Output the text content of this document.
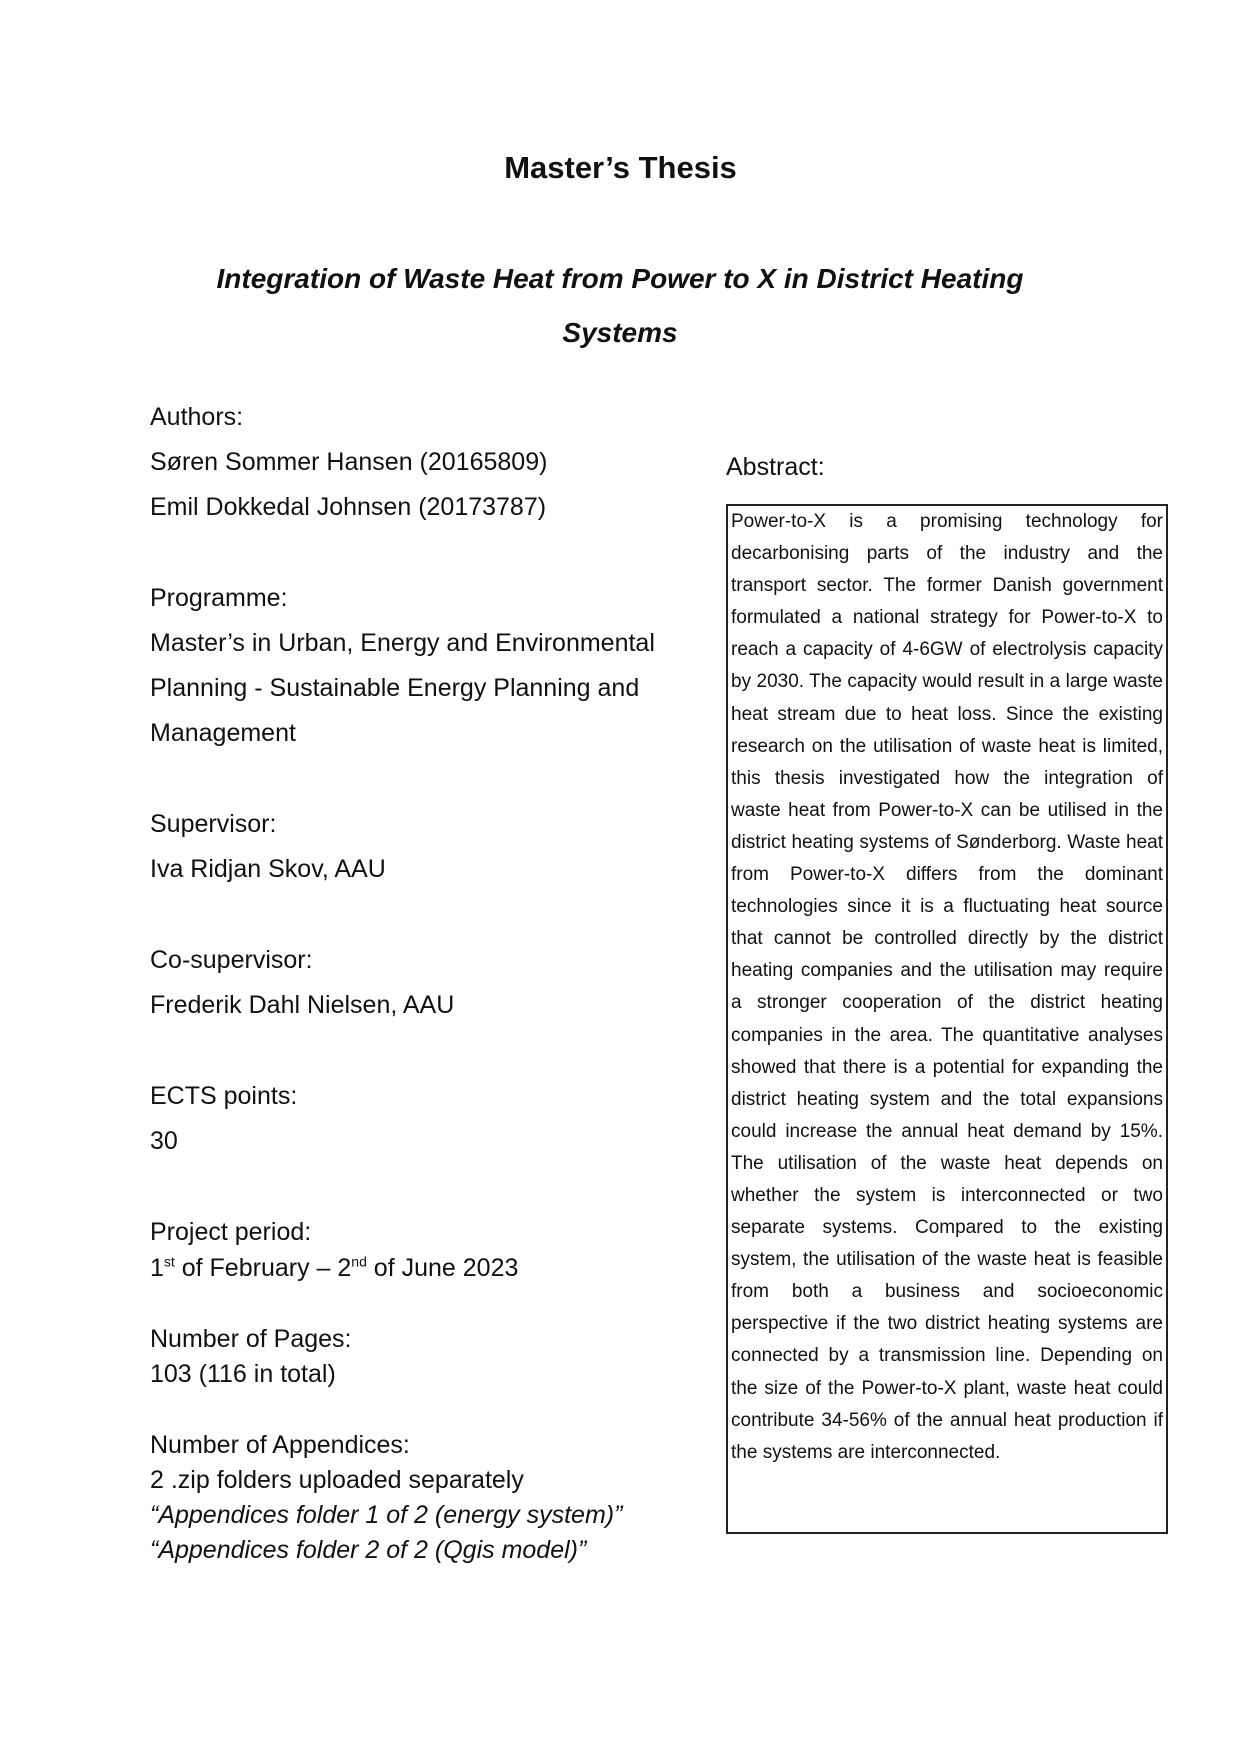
Master’s Thesis
Integration of Waste Heat from Power to X in District Heating
Systems
Authors:
Søren Sommer Hansen (20165809)
Emil Dokkedal Johnsen (20173787)
Programme:
Master’s in Urban, Energy and Environmental
Planning - Sustainable Energy Planning and
Management
Supervisor:
Iva Ridjan Skov, AAU
Co-supervisor:
Frederik Dahl Nielsen, AAU
ECTS points:
30
Project period:
1st of February – 2nd of June 2023
Number of Pages:
103 (116 in total)
Number of Appendices:
2 .zip folders uploaded separately
“Appendices folder 1 of 2 (energy system)”
“Appendices folder 2 of 2 (Qgis model)”
Abstract:

Power-to-X is a promising technology for decarbonising parts of the industry and the transport sector. The former Danish government formulated a national strategy for Power-to-X to reach a capacity of 4-6GW of electrolysis capacity by 2030. The capacity would result in a large waste heat stream due to heat loss. Since the existing research on the utilisation of waste heat is limited, this thesis investigated how the integration of waste heat from Power-to-X can be utilised in the district heating systems of Sønderborg. Waste heat from Power-to-X differs from the dominant technologies since it is a fluctuating heat source that cannot be controlled directly by the district heating companies and the utilisation may require a stronger cooperation of the district heating companies in the area. The quantitative analyses showed that there is a potential for expanding the district heating system and the total expansions could increase the annual heat demand by 15%. The utilisation of the waste heat depends on whether the system is interconnected or two separate systems. Compared to the existing system, the utilisation of the waste heat is feasible from both a business and socioeconomic perspective if the two district heating systems are connected by a transmission line. Depending on the size of the Power-to-X plant, waste heat could contribute 34-56% of the annual heat production if the systems are interconnected.
